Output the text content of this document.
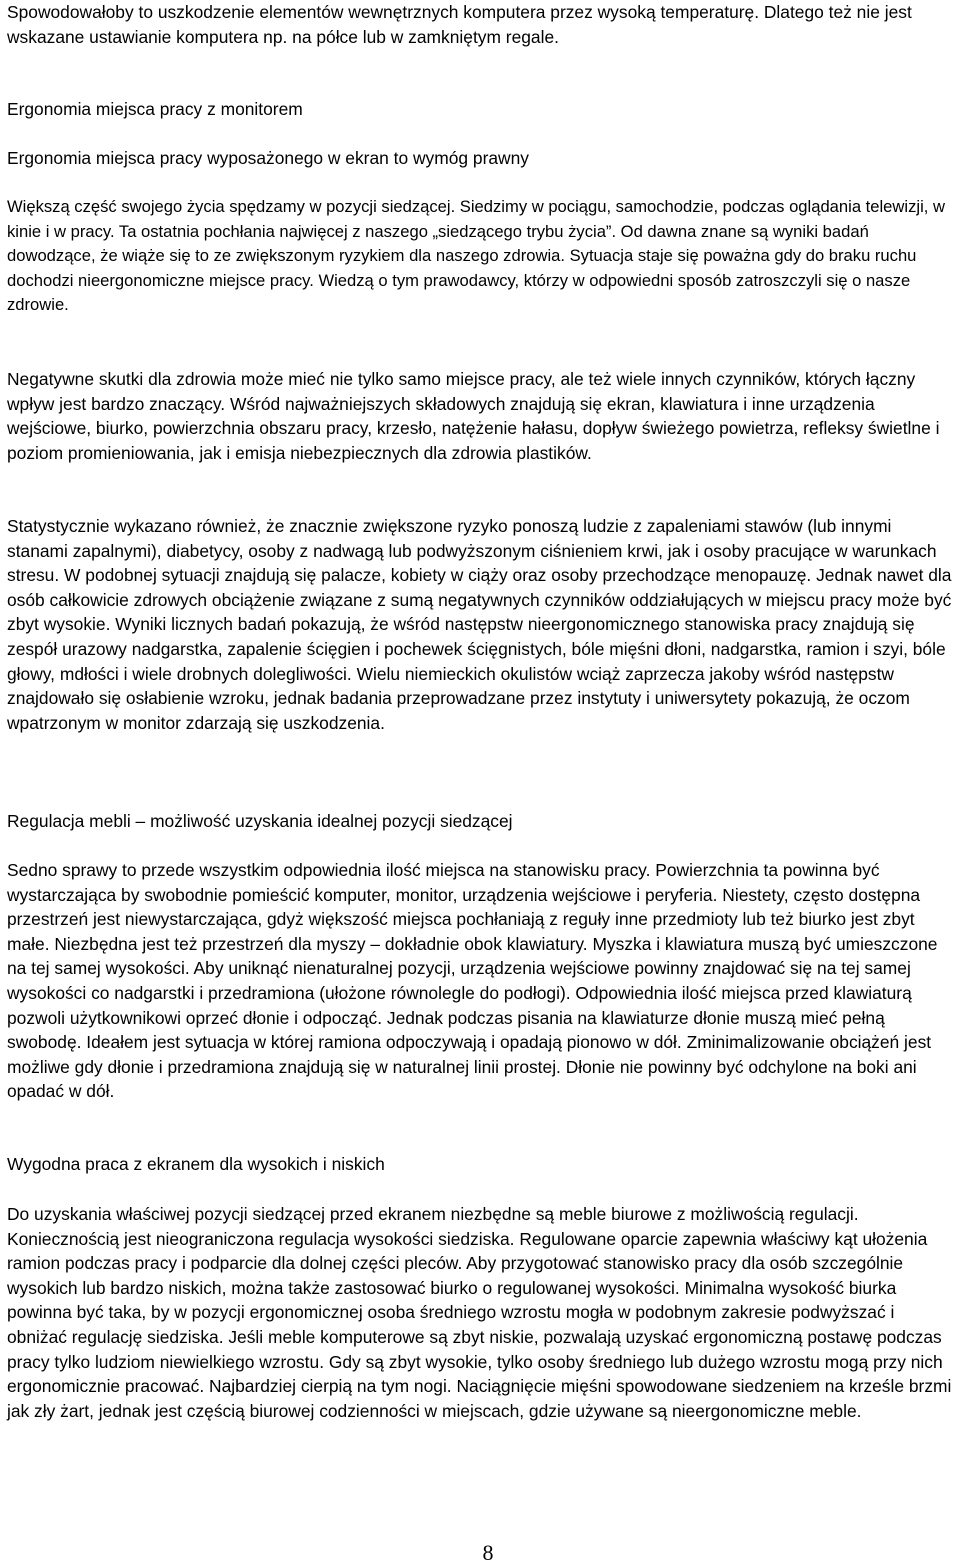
Spowodowałoby to uszkodzenie elementów wewnętrznych komputera przez wysoką temperaturę. Dlatego też nie jest wskazane ustawianie komputera np. na półce lub w zamkniętym regale.

Ergonomia miejsca pracy z monitorem

Ergonomia miejsca pracy wyposażonego w ekran to wymóg prawny

Większą część swojego życia spędzamy w pozycji siedzącej. Siedzimy w pociągu, samochodzie, podczas oglądania telewizji, w kinie i w pracy. Ta ostatnia pochłania najwięcej z naszego „siedzącego trybu życia”. Od dawna znane są wyniki badań dowodzące, że wiąże się to ze zwiększonym ryzykiem dla naszego zdrowia. Sytuacja staje się poważna gdy do braku ruchu dochodzi nieergonomiczne miejsce pracy. Wiedzą o tym prawodawcy, którzy w odpowiedni sposób zatroszczyli się o nasze zdrowie.

Negatywne skutki dla zdrowia może mieć nie tylko samo miejsce pracy, ale też wiele innych czynników, których łączny wpływ jest bardzo znaczący. Wśród najważniejszych składowych znajdują się ekran, klawiatura i inne urządzenia wejściowe, biurko, powierzchnia obszaru pracy, krzesło, natężenie hałasu, dopływ świeżego powietrza, refleksy świetlne i poziom promieniowania, jak i emisja niebezpiecznych dla zdrowia plastików.

Statystycznie wykazano również, że znacznie zwiększone ryzyko ponoszą ludzie z zapaleniami stawów (lub innymi stanami zapalnymi), diabetycy, osoby z nadwagą lub podwyższonym ciśnieniem krwi, jak i osoby pracujące w warunkach stresu. W podobnej sytuacji znajdują się palacze, kobiety w ciąży oraz osoby przechodzące menopauzę. Jednak nawet dla osób całkowicie zdrowych obciążenie związane z sumą negatywnych czynników oddziałujących w miejscu pracy może być zbyt wysokie. Wyniki licznych badań pokazują, że wśród następstw nieergonomicznego stanowiska pracy znajdują się zespół urazowy nadgarstka, zapalenie ścięgien i pochewek ścięgnistych, bóle mięśni dłoni, nadgarstka, ramion i szyi, bóle głowy, mdłości i wiele drobnych dolegliwości. Wielu niemieckich okulistów wciąż zaprzecza jakoby wśród następstw znajdowało się osłabienie wzroku, jednak badania przeprowadzane przez instytuty i uniwersytety pokazują, że oczom wpatrzonym w monitor zdarzają się uszkodzenia.

Regulacja mebli – możliwość uzyskania idealnej pozycji siedzącej

Sedno sprawy to przede wszystkim odpowiednia ilość miejsca na stanowisku pracy. Powierzchnia ta powinna być wystarczająca by swobodnie pomieścić komputer, monitor, urządzenia wejściowe i peryferia. Niestety, często dostępna przestrzeń jest niewystarczająca, gdyż większość miejsca pochłaniają z reguły inne przedmioty lub też biurko jest zbyt małe. Niezbędna jest też przestrzeń dla myszy – dokładnie obok klawiatury. Myszka i klawiatura muszą być umieszczone na tej samej wysokości. Aby uniknąć nienaturalnej pozycji, urządzenia wejściowe powinny znajdować się na tej samej wysokości co nadgarstki i przedramiona (ułożone równolegle do podłogi). Odpowiednia ilość miejsca przed klawiaturą pozwoli użytkownikowi oprzeć dłonie i odpocząć. Jednak podczas pisania na klawiaturze dłonie muszą mieć pełną swobodę. Ideałem jest sytuacja w której ramiona odpoczywają i opadają pionowo w dół. Zminimalizowanie obciążeń jest możliwe gdy dłonie i przedramiona znajdują się w naturalnej linii prostej. Dłonie nie powinny być odchylone na boki ani opadać w dół.

Wygodna praca z ekranem dla wysokich i niskich

Do uzyskania właściwej pozycji siedzącej przed ekranem niezbędne są meble biurowe z możliwością regulacji. Koniecznością jest nieograniczona regulacja wysokości siedziska. Regulowane oparcie zapewnia właściwy kąt ułożenia ramion podczas pracy i podparcie dla dolnej części pleców. Aby przygotować stanowisko pracy dla osób szczególnie wysokich lub bardzo niskich, można także zastosować biurko o regulowanej wysokości. Minimalna wysokość biurka powinna być taka, by w pozycji ergonomicznej osoba średniego wzrostu mogła w podobnym zakresie podwyższać i obniżać regulację siedziska. Jeśli meble komputerowe są zbyt niskie, pozwalają uzyskać ergonomiczną postawę podczas pracy tylko ludziom niewielkiego wzrostu. Gdy są zbyt wysokie, tylko osoby średniego lub dużego wzrostu mogą przy nich ergonomicznie pracować. Najbardziej cierpią na tym nogi. Naciągnięcie mięśni spowodowane siedzeniem na krześle brzmi jak zły żart, jednak jest częścią biurowej codzienności w miejscach, gdzie używane są nieergonomiczne meble.

8
